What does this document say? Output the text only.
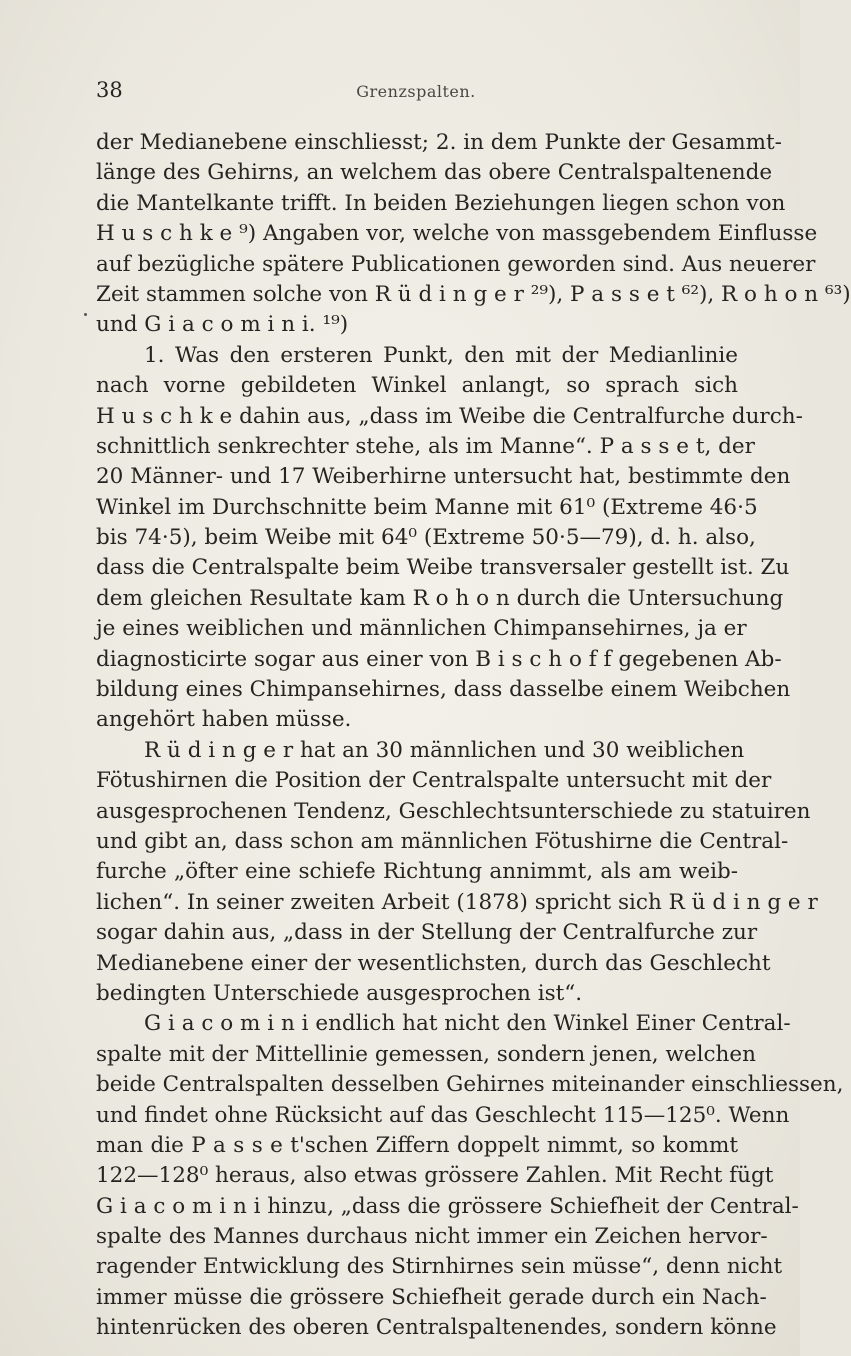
38	Grenzspalten.
der Medianebene einschliesst; 2. in dem Punkte der Gesammt-
länge des Gehirns, an welchem das obere Centralspaltenende
die Mantelkante trifft. In beiden Beziehungen liegen schon von
H u s c h k e ⁹) Angaben vor, welche von massgebendem Einflusse
auf bezügliche spätere Publicationen geworden sind. Aus neuerer
Zeit stammen solche von R ü d i n g e r ²⁹), P a s s e t ⁶²), R o h o n ⁶³)
und G i a c o m i n i. ¹⁹)
1. Was den ersteren Punkt, den mit der Medianlinie
nach vorne gebildeten Winkel anlangt, so sprach sich
H u s c h k e dahin aus, „dass im Weibe die Centralfurche durch-
schnittlich senkrechter stehe, als im Manne“. P a s s e t, der
20 Männer- und 17 Weiberhirne untersucht hat, bestimmte den
Winkel im Durchschnitte beim Manne mit 61⁰ (Extreme 46·5
bis 74·5), beim Weibe mit 64⁰ (Extreme 50·5—79), d. h. also,
dass die Centralspalte beim Weibe transversaler gestellt ist. Zu
dem gleichen Resultate kam R o h o n durch die Untersuchung
je eines weiblichen und männlichen Chimpansehirnes, ja er
diagnosticirte sogar aus einer von B i s c h o f f gegebenen Ab-
bildung eines Chimpansehirnes, dass dasselbe einem Weibchen
angehört haben müsse.
R ü d i n g e r hat an 30 männlichen und 30 weiblichen
Fötushirnen die Position der Centralspalte untersucht mit der
ausgesprochenen Tendenz, Geschlechtsunterschiede zu statuiren
und gibt an, dass schon am männlichen Fötushirne die Central-
furche „öfter eine schiefe Richtung annimmt, als am weib-
lichen“. In seiner zweiten Arbeit (1878) spricht sich R ü d i n g e r
sogar dahin aus, „dass in der Stellung der Centralfurche zur
Medianebene einer der wesentlichsten, durch das Geschlecht
bedingten Unterschiede ausgesprochen ist“.
G i a c o m i n i endlich hat nicht den Winkel Einer Central-
spalte mit der Mittellinie gemessen, sondern jenen, welchen
beide Centralspalten desselben Gehirnes miteinander einschliessen,
und findet ohne Rücksicht auf das Geschlecht 115—125⁰. Wenn
man die P a s s e t'schen Ziffern doppelt nimmt, so kommt
122—128⁰ heraus, also etwas grössere Zahlen. Mit Recht fügt
G i a c o m i n i hinzu, „dass die grössere Schiefheit der Central-
spalte des Mannes durchaus nicht immer ein Zeichen hervor-
ragender Entwicklung des Stirnhirnes sein müsse“, denn nicht
immer müsse die grössere Schiefheit gerade durch ein Nach-
hintenrücken des oberen Centralspaltenendes, sondern könne
